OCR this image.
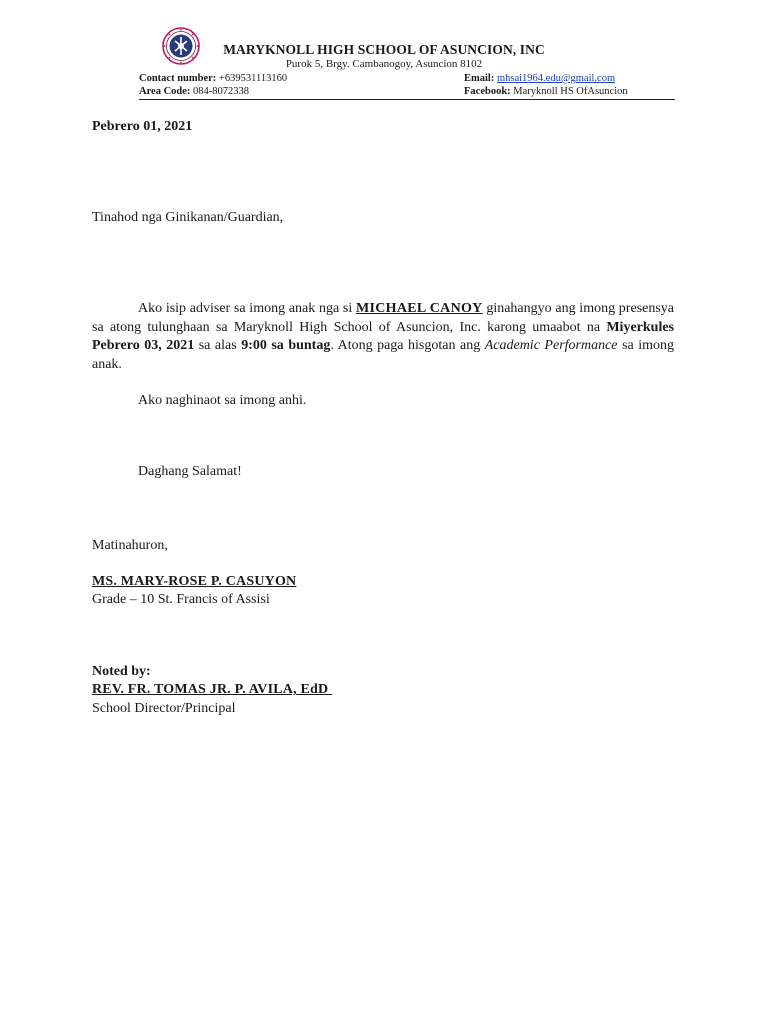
MARYKNOLL HIGH SCHOOL OF ASUNCION, INC
Purok 5, Brgy. Cambanogoy, Asuncion 8102
Contact number: +639531113160	Email: mhsai1964.edu@gmail.com
Area Code: 084-8072338	Facebook: Maryknoll HS OfAsuncion
Pebrero 01, 2021
Tinahod nga Ginikanan/Guardian,
Ako isip adviser sa imong anak nga si MICHAEL CANOY ginahangyo ang imong presensya sa atong tulunghaan sa Maryknoll High School of Asuncion, Inc. karong umaabot na Miyerkules Pebrero 03, 2021 sa alas 9:00 sa buntag. Atong paga hisgotan ang Academic Performance sa imong anak.
Ako naghinaot sa imong anhi.
Daghang Salamat!
Matinahuron,
MS. MARY-ROSE P. CASUYON
Grade – 10 St. Francis of Assisi
Noted by:
REV. FR. TOMAS JR. P. AVILA, EdD
School Director/Principal
